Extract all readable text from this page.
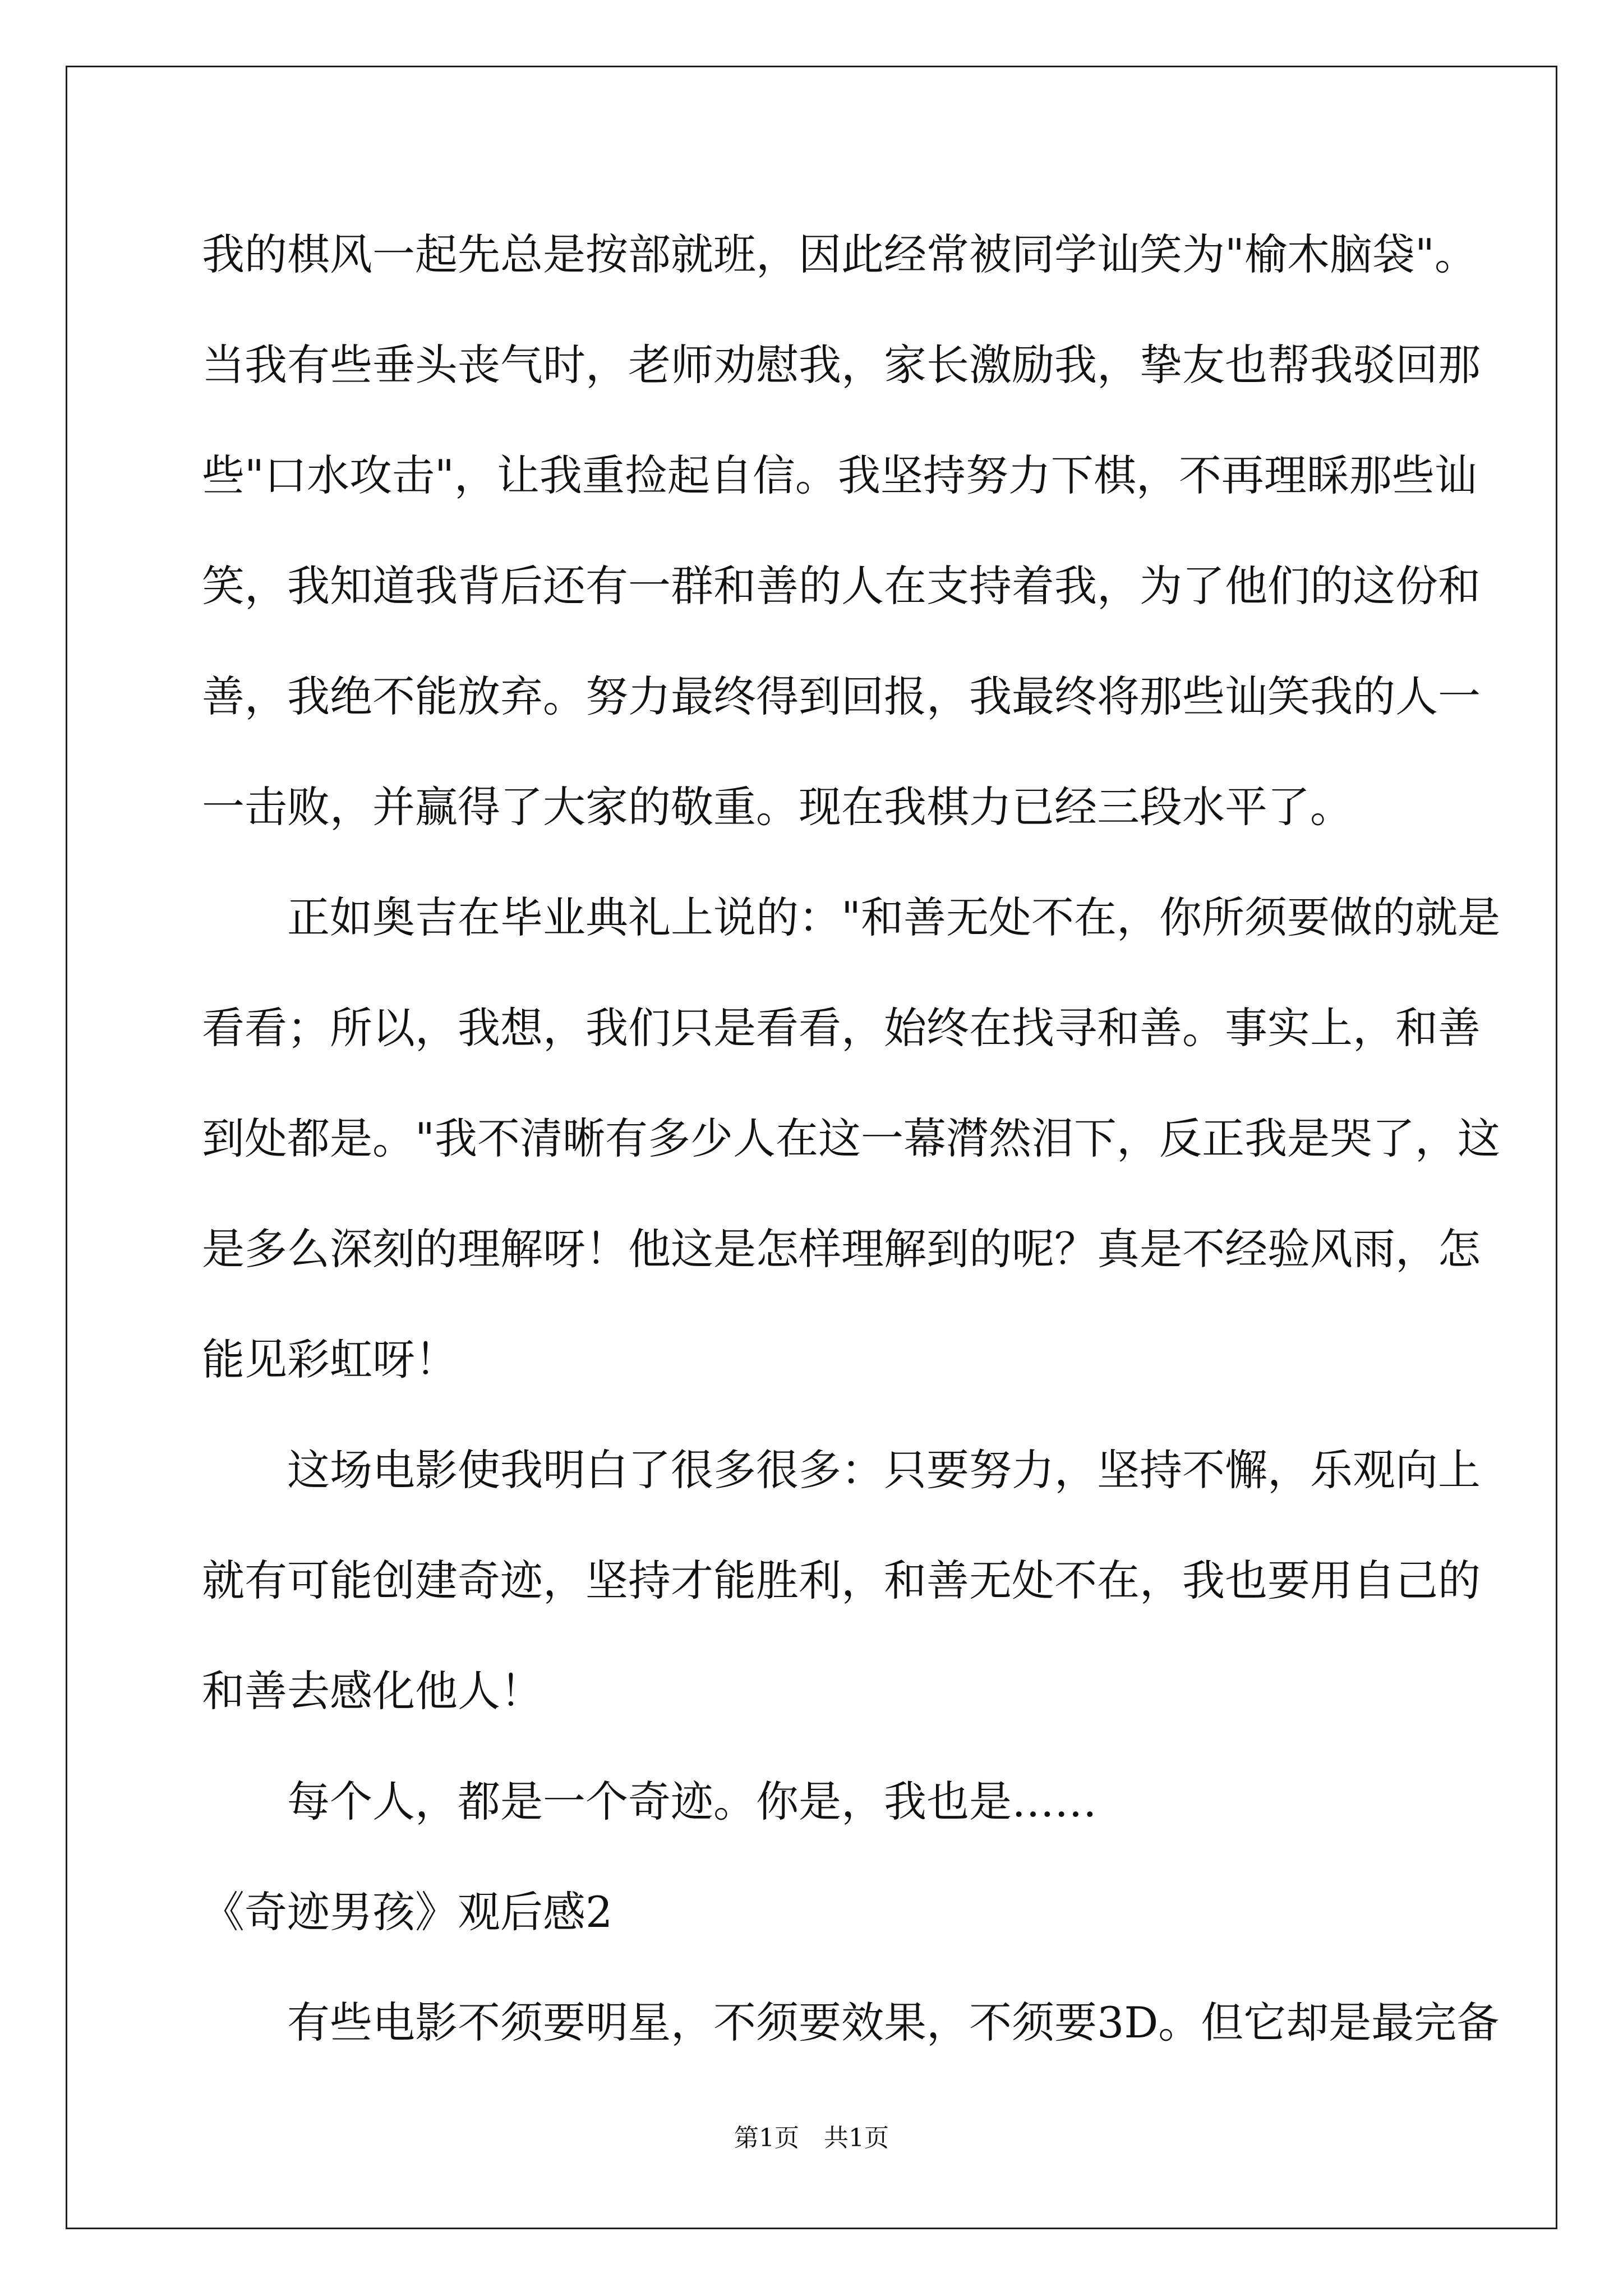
我的棋风一起先总是按部就班，因此经常被同学讪笑为"榆木脑袋"。
当我有些垂头丧气时，老师劝慰我，家长激励我，挚友也帮我驳回那
些"口水攻击"，让我重捡起自信。我坚持努力下棋，不再理睬那些讪
笑，我知道我背后还有一群和善的人在支持着我，为了他们的这份和
善，我绝不能放弃。努力最终得到回报，我最终将那些讪笑我的人一
一击败，并赢得了大家的敬重。现在我棋力已经三段水平了。
正如奥吉在毕业典礼上说的："和善无处不在，你所须要做的就是
看看；所以，我想，我们只是看看，始终在找寻和善。事实上，和善
到处都是。"我不清晰有多少人在这一幕潸然泪下，反正我是哭了，这
是多么深刻的理解呀！他这是怎样理解到的呢？真是不经验风雨，怎
能见彩虹呀！
这场电影使我明白了很多很多：只要努力，坚持不懈，乐观向上
就有可能创建奇迹，坚持才能胜利，和善无处不在，我也要用自己的
和善去感化他人！
每个人，都是一个奇迹。你是，我也是……
《奇迹男孩》观后感2
有些电影不须要明星，不须要效果，不须要3D。但它却是最完备
第1页　共1页
